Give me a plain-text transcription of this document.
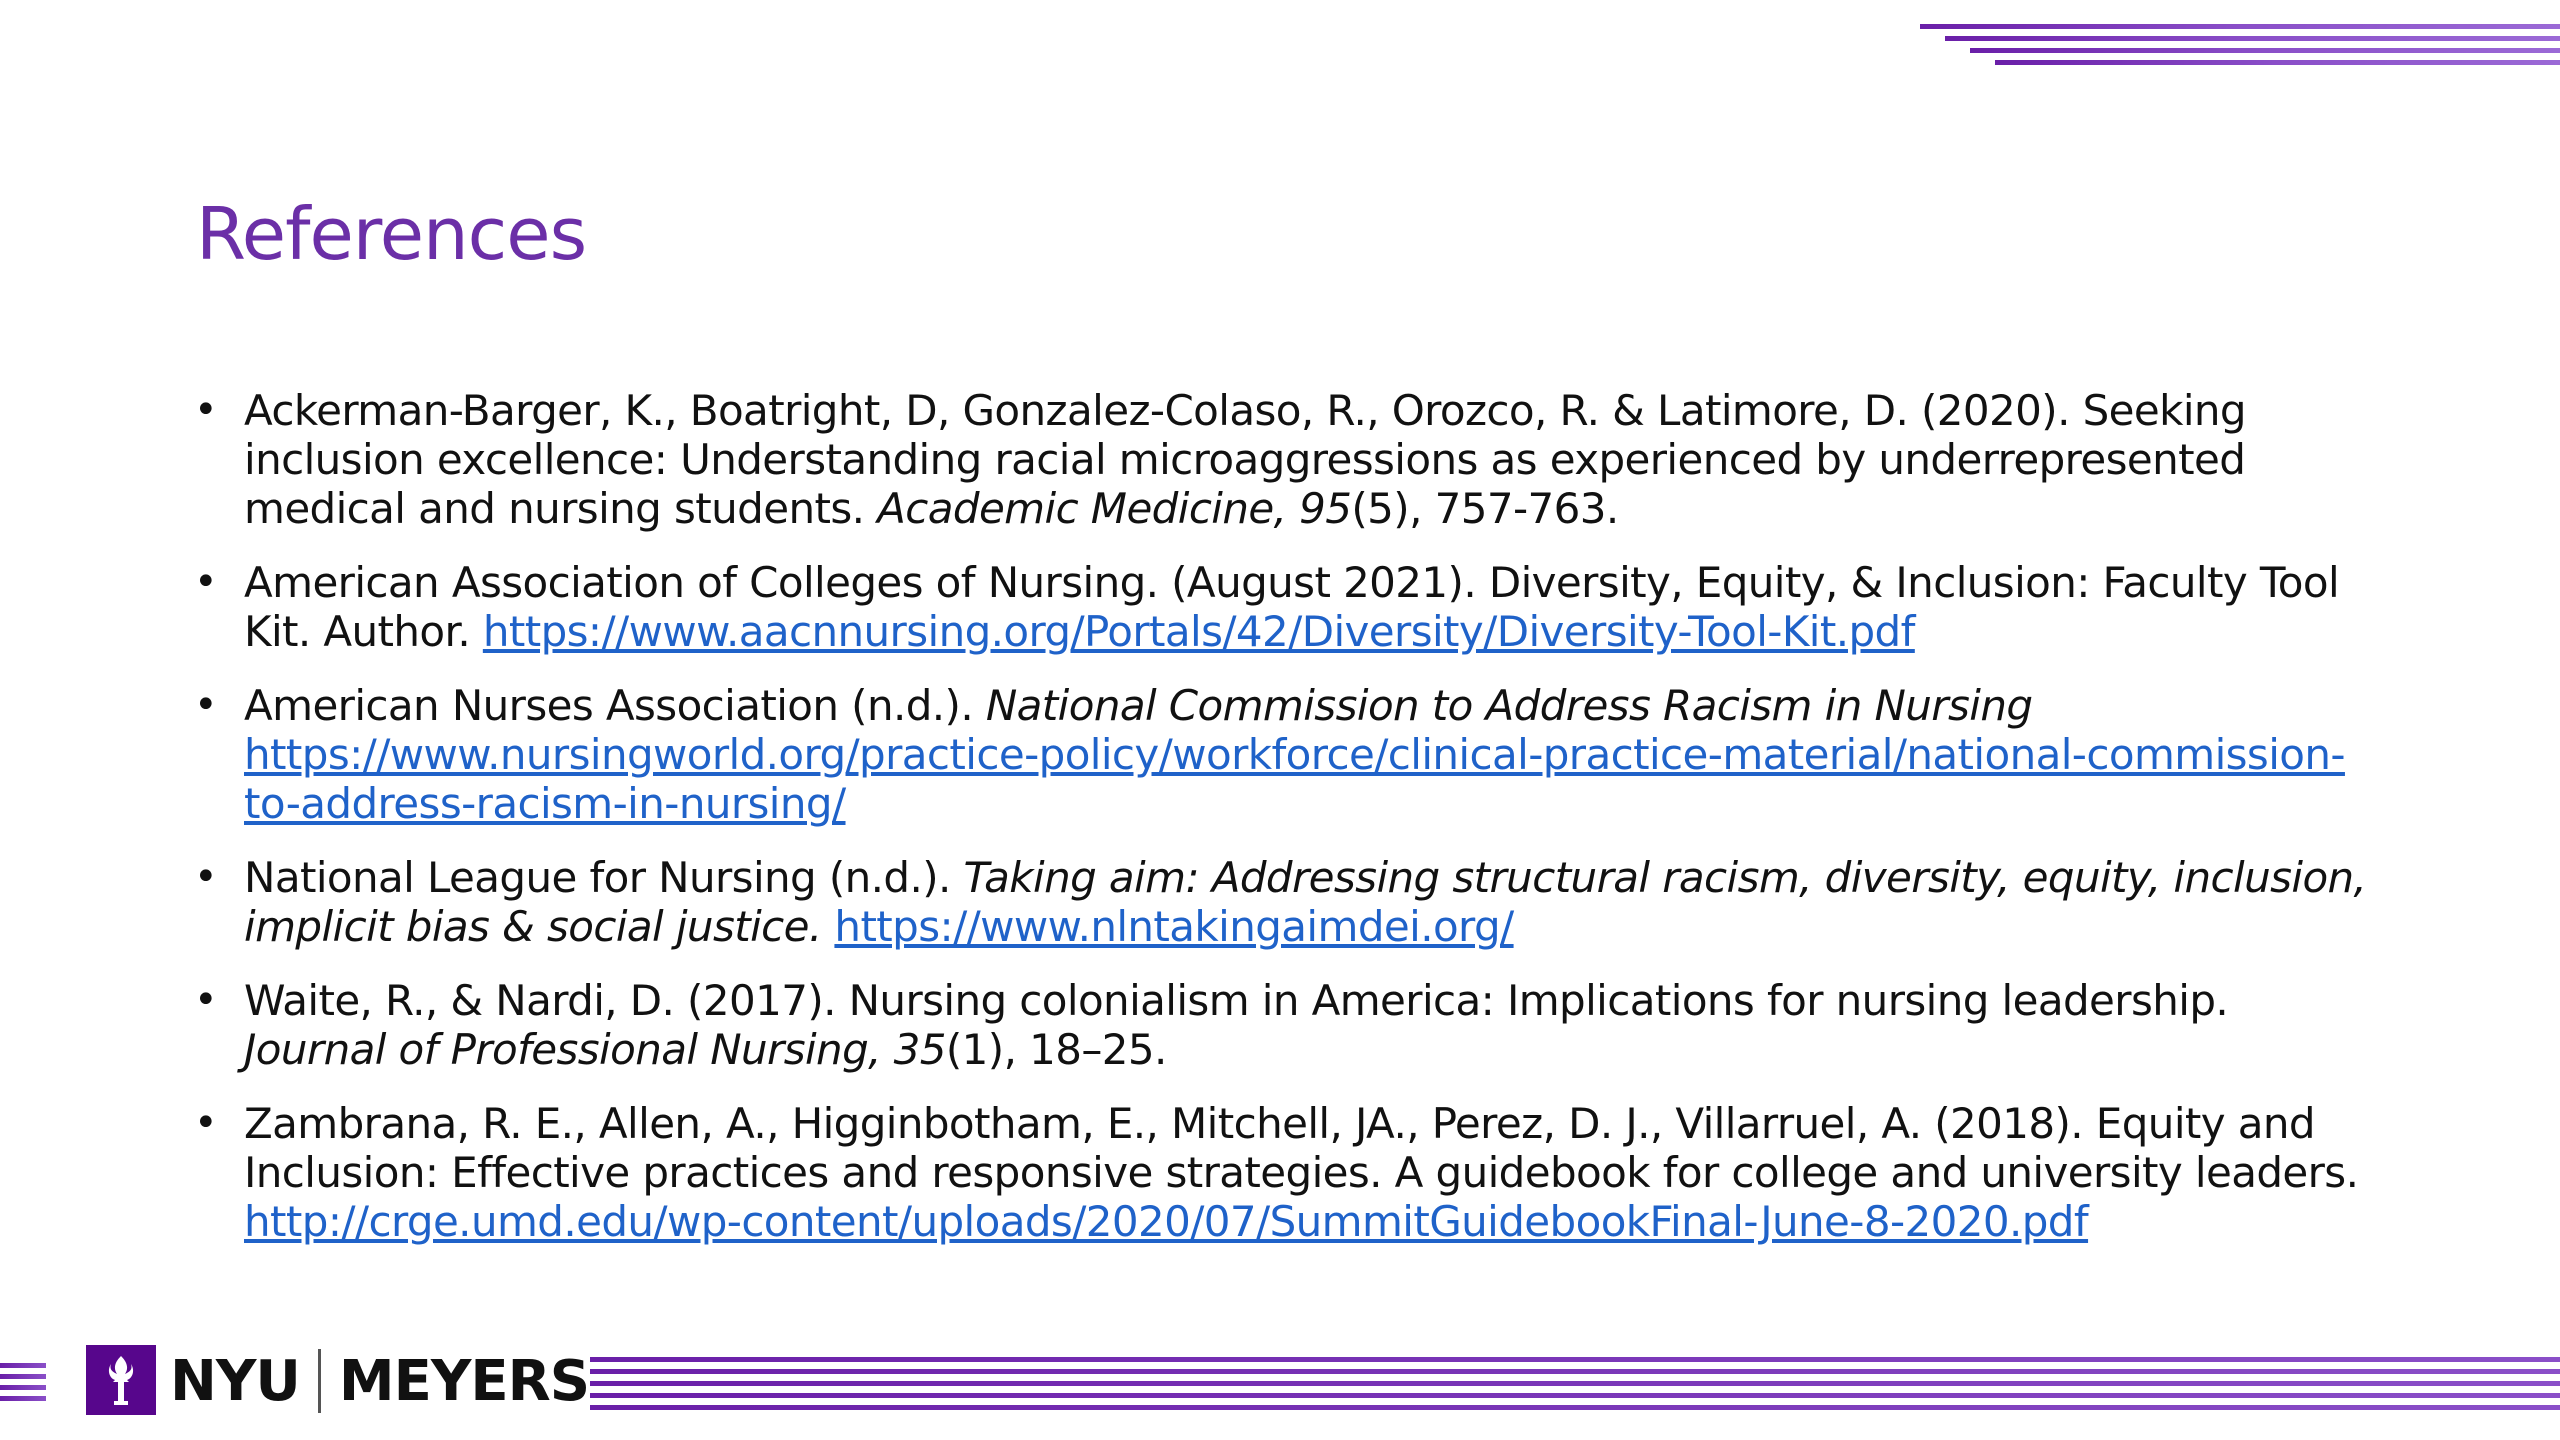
References
• Ackerman-Barger, K., Boatright, D, Gonzalez-Colaso, R., Orozco, R. & Latimore, D. (2020). Seeking inclusion excellence: Understanding racial microaggressions as experienced by underrepresented medical and nursing students. Academic Medicine, 95(5), 757-763.
• American Association of Colleges of Nursing. (August 2021). Diversity, Equity, & Inclusion: Faculty Tool Kit. Author. https://www.aacnnursing.org/Portals/42/Diversity/Diversity-Tool-Kit.pdf
• American Nurses Association (n.d.). National Commission to Address Racism in Nursing
https://www.nursingworld.org/practice-policy/workforce/clinical-practice-material/national-commission-to-address-racism-in-nursing/
• National League for Nursing (n.d.). Taking aim: Addressing structural racism, diversity, equity, inclusion, implicit bias & social justice. https://www.nlntakingaimdei.org/
• Waite, R., & Nardi, D. (2017). Nursing colonialism in America: Implications for nursing leadership. Journal of Professional Nursing, 35(1), 18–25.
• Zambrana, R. E., Allen, A., Higginbotham, E., Mitchell, JA., Perez, D. J., Villarruel, A. (2018). Equity and Inclusion: Effective practices and responsive strategies. A guidebook for college and university leaders. http://crge.umd.edu/wp-content/uploads/2020/07/SummitGuidebookFinal-June-8-2020.pdf
NYU MEYERS
